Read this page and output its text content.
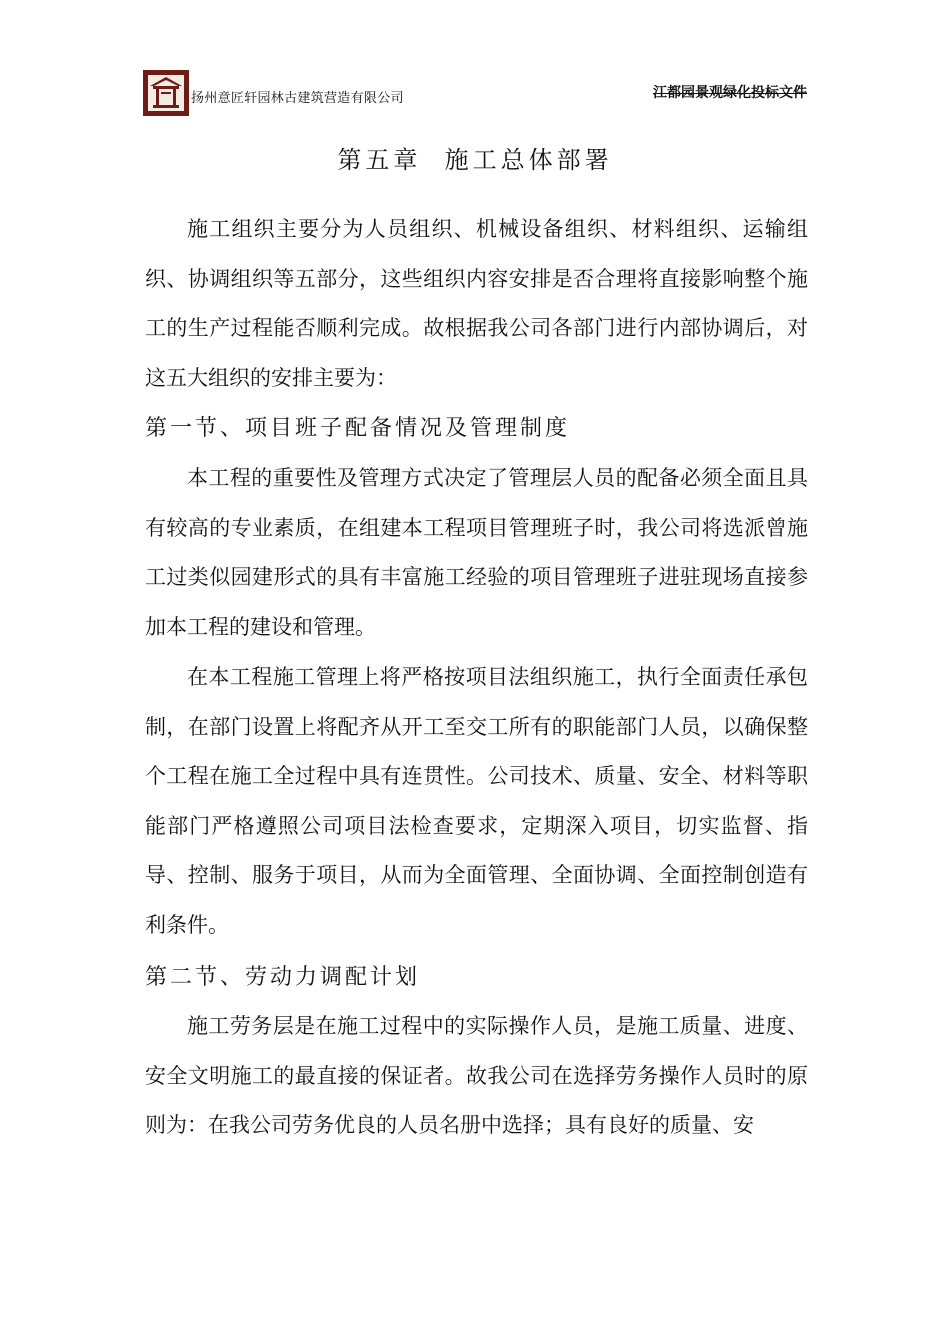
扬州意匠轩园林古建筑营造有限公司	江都园景观绿化投标文件
第五章  施工总体部署

施工组织主要分为人员组织、机械设备组织、材料组织、运输组织、协调组织等五部分，这些组织内容安排是否合理将直接影响整个施工的生产过程能否顺利完成。故根据我公司各部门进行内部协调后，对这五大组织的安排主要为：

第一节、项目班子配备情况及管理制度

本工程的重要性及管理方式决定了管理层人员的配备必须全面且具有较高的专业素质，在组建本工程项目管理班子时，我公司将选派曾施工过类似园建形式的具有丰富施工经验的项目管理班子进驻现场直接参加本工程的建设和管理。

在本工程施工管理上将严格按项目法组织施工，执行全面责任承包制，在部门设置上将配齐从开工至交工所有的职能部门人员，以确保整个工程在施工全过程中具有连贯性。公司技术、质量、安全、材料等职能部门严格遵照公司项目法检查要求，定期深入项目，切实监督、指导、控制、服务于项目，从而为全面管理、全面协调、全面控制创造有利条件。

第二节、劳动力调配计划

施工劳务层是在施工过程中的实际操作人员，是施工质量、进度、安全文明施工的最直接的保证者。故我公司在选择劳务操作人员时的原则为：在我公司劳务优良的人员名册中选择；具有良好的质量、安
